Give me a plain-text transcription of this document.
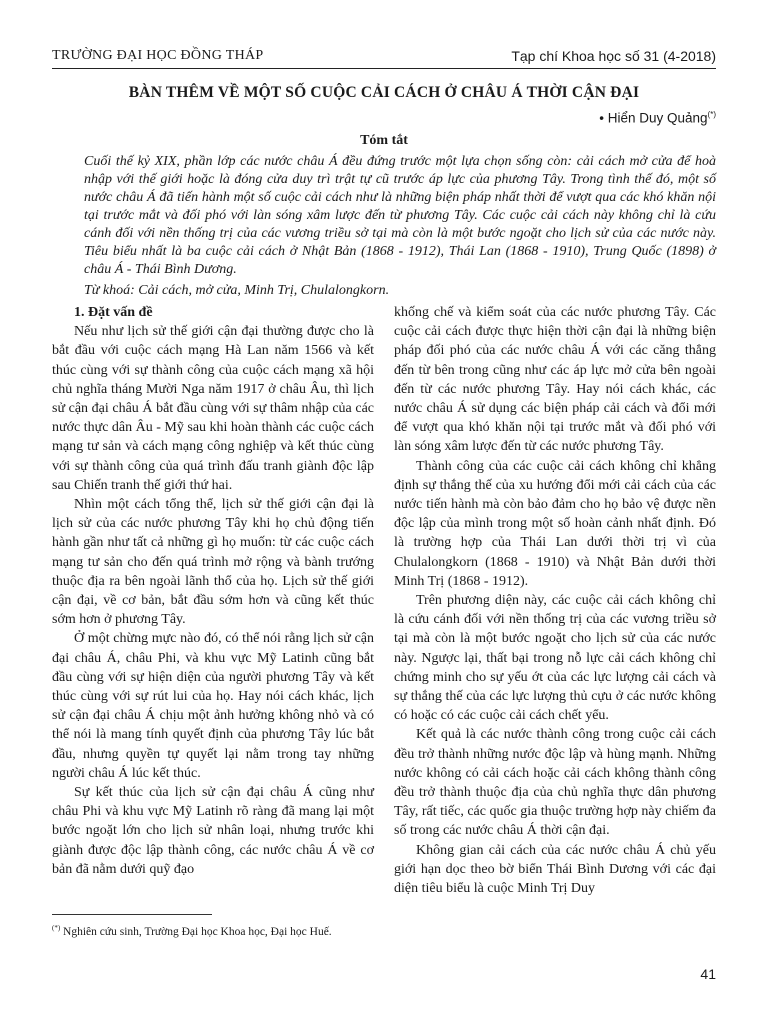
TRƯỜNG ĐẠI HỌC ĐỒNG THÁP	Tạp chí Khoa học số 31 (4-2018)
BÀN THÊM VỀ MỘT SỐ CUỘC CẢI CÁCH Ở CHÂU Á THỜI CẬN ĐẠI
• Hiển Duy Quảng(*)
Tóm tắt
Cuối thế kỷ XIX, phần lớp các nước châu Á đều đứng trước một lựa chọn sống còn: cải cách mở cửa để hoà nhập với thế giới hoặc là đóng cửa duy trì trật tự cũ trước áp lực của phương Tây. Trong tình thế đó, một số nước châu Á đã tiến hành một số cuộc cải cách như là những biện pháp nhất thời để vượt qua các khó khăn nội tại trước mắt và đối phó với làn sóng xâm lược đến từ phương Tây. Các cuộc cải cách này không chỉ là cứu cánh đối với nền thống trị của các vương triều sở tại mà còn là một bước ngoặt cho lịch sử của các nước này. Tiêu biểu nhất là ba cuộc cải cách ở Nhật Bản (1868 - 1912), Thái Lan (1868 - 1910), Trung Quốc (1898) ở châu Á - Thái Bình Dương.
Từ khoá: Cải cách, mở cửa, Minh Trị, Chulalongkorn.

1. Đặt vấn đề

Nếu như lịch sử thế giới cận đại thường được cho là bắt đầu với cuộc cách mạng Hà Lan năm 1566 và kết thúc cùng với sự thành công của cuộc cách mạng xã hội chủ nghĩa tháng Mười Nga năm 1917 ở châu Âu, thì lịch sử cận đại châu Á bắt đầu cùng với sự thâm nhập của các nước thực dân Âu - Mỹ sau khi hoàn thành các cuộc cách mạng tư sản và cách mạng công nghiệp và kết thúc cùng với sự thành công của quá trình đấu tranh giành độc lập sau Chiến tranh thế giới thứ hai.

Nhìn một cách tổng thể, lịch sử thế giới cận đại là lịch sử của các nước phương Tây khi họ chủ động tiến hành gần như tất cả những gì họ muốn: từ các cuộc cách mạng tư sản cho đến quá trình mở rộng và bành trướng thuộc địa ra bên ngoài lãnh thổ của họ. Lịch sử thế giới cận đại, về cơ bản, bắt đầu sớm hơn và cũng kết thúc sớm hơn ở phương Tây.

Ở một chừng mực nào đó, có thể nói rằng lịch sử cận đại châu Á, châu Phi, và khu vực Mỹ Latinh cũng bắt đầu cùng với sự hiện diện của người phương Tây và kết thúc cùng với sự rút lui của họ. Hay nói cách khác, lịch sử cận đại châu Á chịu một ảnh hưởng không nhỏ và có thể nói là mang tính quyết định của phương Tây lúc bắt đầu, nhưng quyền tự quyết lại nằm trong tay những người châu Á lúc kết thúc.

Sự kết thúc của lịch sử cận đại châu Á cũng như châu Phi và khu vực Mỹ Latinh rõ ràng đã mang lại một bước ngoặt lớn cho lịch sử nhân loại, nhưng trước khi giành được độc lập thành công, các nước châu Á về cơ bản đã nằm dưới quỹ đạo

khống chế và kiểm soát của các nước phương Tây. Các cuộc cải cách được thực hiện thời cận đại là những biện pháp đối phó của các nước châu Á với các căng thẳng đến từ bên trong cũng như các áp lực mở cửa bên ngoài đến từ các nước phương Tây. Hay nói cách khác, các nước châu Á sử dụng các biện pháp cải cách và đổi mới để vượt qua khó khăn nội tại trước mắt và đối phó với làn sóng xâm lược đến từ các nước phương Tây.

Thành công của các cuộc cải cách không chỉ khẳng định sự thắng thế của xu hướng đổi mới cải cách của các nước tiến hành mà còn bảo đảm cho họ bảo vệ được nền độc lập của mình trong một số hoàn cảnh nhất định. Đó là trường hợp của Thái Lan dưới thời trị vì của Chulalongkorn (1868 - 1910) và Nhật Bản dưới thời Minh Trị (1868 - 1912).

Trên phương diện này, các cuộc cải cách không chỉ là cứu cánh đối với nền thống trị của các vương triều sở tại mà còn là một bước ngoặt cho lịch sử của các nước này. Ngược lại, thất bại trong nỗ lực cải cách không chỉ chứng minh cho sự yếu ớt của các lực lượng cải cách và sự thắng thế của các lực lượng thủ cựu ở các nước không có hoặc có các cuộc cải cách chết yểu.

Kết quả là các nước thành công trong cuộc cải cách đều trở thành những nước độc lập và hùng mạnh. Những nước không có cải cách hoặc cải cách không thành công đều trở thành thuộc địa của chủ nghĩa thực dân phương Tây, rất tiếc, các quốc gia thuộc trường hợp này chiếm đa số trong các nước châu Á thời cận đại.

Không gian cải cách của các nước châu Á chủ yếu giới hạn dọc theo bờ biển Thái Bình Dương với các đại diện tiêu biểu là cuộc Minh Trị Duy

(*) Nghiên cứu sinh, Trường Đại học Khoa học, Đại học Huế.
41
